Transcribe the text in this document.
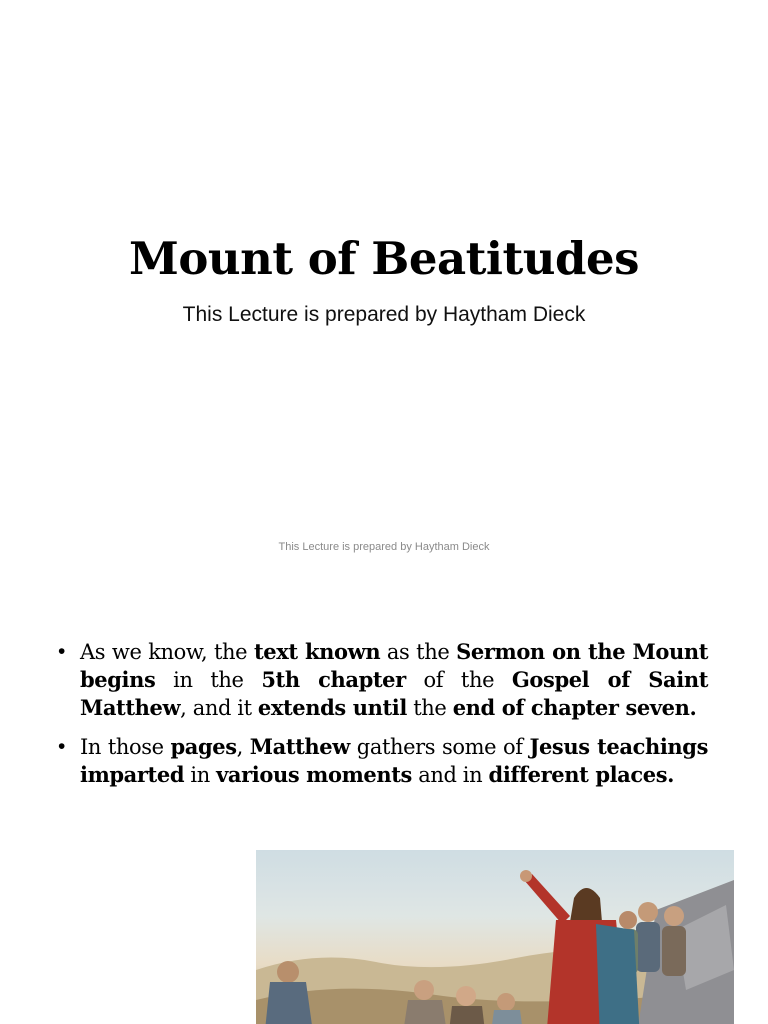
Mount of Beatitudes
This Lecture is prepared by Haytham Dieck
This Lecture is prepared by Haytham Dieck
• As we know, the text known as the Sermon on the Mount begins in the 5th chapter of the Gospel of Saint Matthew, and it extends until the end of chapter seven.
• In those pages, Matthew gathers some of Jesus teachings imparted in various moments and in different places.
